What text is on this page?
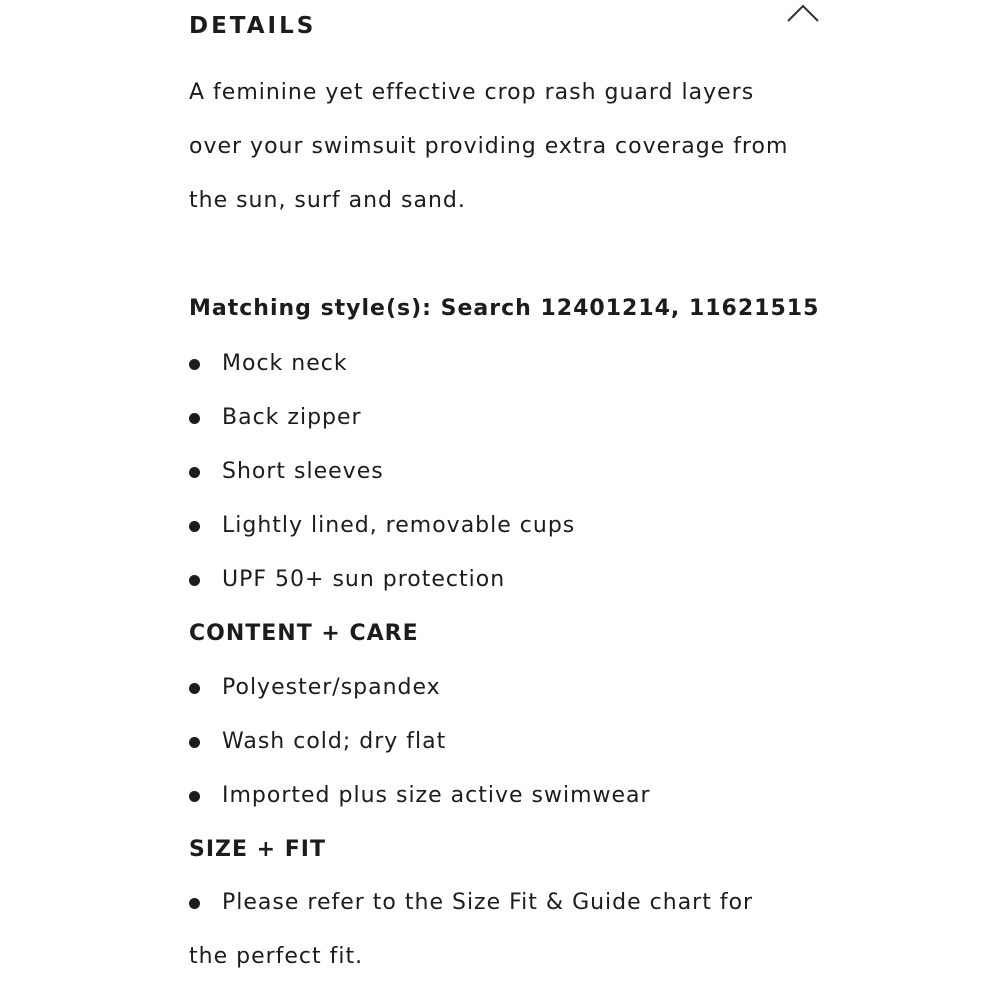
DETAILS

A feminine yet effective crop rash guard layers over your swimsuit providing extra coverage from the sun, surf and sand.

Matching style(s): Search 12401214, 11621515
Mock neck
Back zipper
Short sleeves
Lightly lined, removable cups
UPF 50+ sun protection
CONTENT + CARE
Polyester/spandex
Wash cold; dry flat
Imported plus size active swimwear
SIZE + FIT
Please refer to the Size Fit & Guide chart for
the perfect fit.
